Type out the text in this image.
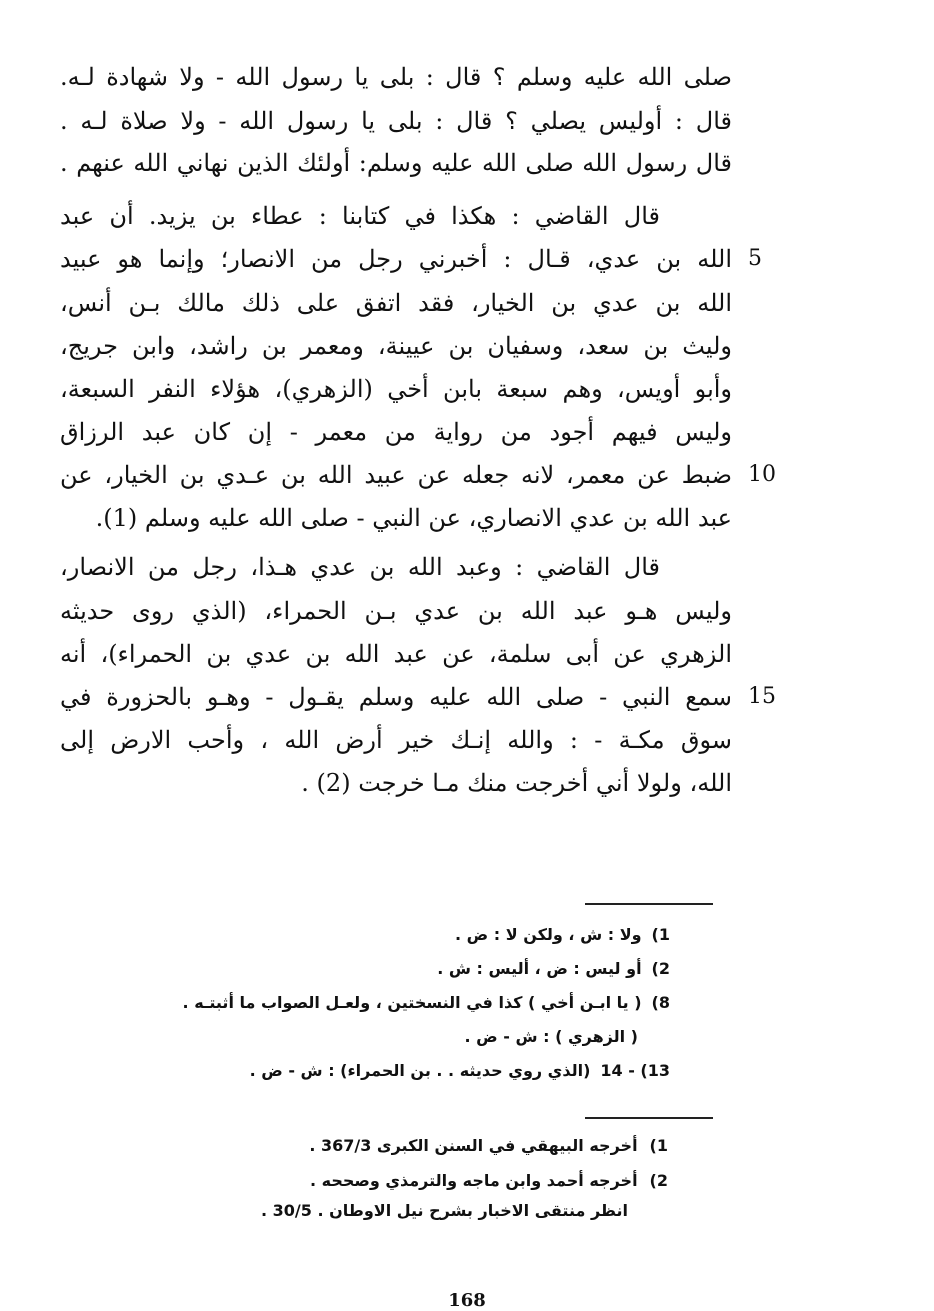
صلى الله عليه وسلم ؟ قال : بلى يا رسول الله - ولا شهادة لـه.
قال : أوليس يصلي ؟ قال : بلى يا رسول الله - ولا صلاة لـه .
قال رسول الله صلى الله عليه وسلم: أولئك الذين نهاني الله عنهم .
قال القاضي : هكذا في كتابنا : عطاء بن يزيد. أن عبد
الله بن عدي، قـال : أخبرني رجل من الانصار؛ وإنما هو عبيد
الله بن عدي بن الخيار، فقد اتفق على ذلك مالك بـن أنس،
وليث بن سعد، وسفيان بن عيينة، ومعمر بن راشد، وابن جريج،
وأبو أويس، وهم سبعة بابن أخي (الزهري)، هؤلاء النفر السبعة،
وليس فيهم أجود من رواية من معمر - إن كان عبد الرزاق
ضبط عن معمر، لانه جعله عن عبيد الله بن عـدي بن الخيار، عن
عبد الله بن عدي الانصاري، عن النبي - صلى الله عليه وسلم (1).
قال القاضي : وعبد الله بن عدي هـذا، رجل من الانصار،
وليس هـو عبد الله بن عدي بـن الحمراء، (الذي روى حديثه
الزهري عن أبى سلمة، عن عبد الله بن عدي بن الحمراء)، أنه
سمع النبي - صلى الله عليه وسلم يقـول - وهـو بالحزورة في
سوق مكـة - : والله إنـك خير أرض الله ، وأحب الارض إلى
الله، ولولا أني أخرجت منك مـا خرجت (2) .
5
10
15
1)ولا : ش ، ولكن لا : ض .
2)أو ليس : ض ، أليس : ش .
8)( يا ابـن أخي ) كذا في النسختين ، ولعـل الصواب ما أثبتـه .
( الزهري ) : ش - ض .
13) - 14(الذي روي حديثه . . بن الحمراء) : ش - ض .
1)أخرجه البيهقي في السنن الكبرى 367/3 .
2)أخرجه أحمد وابن ماجه والترمذي وصححه .
انظر منتقى الاخبار بشرح نيل الاوطان . 30/5 .
168
